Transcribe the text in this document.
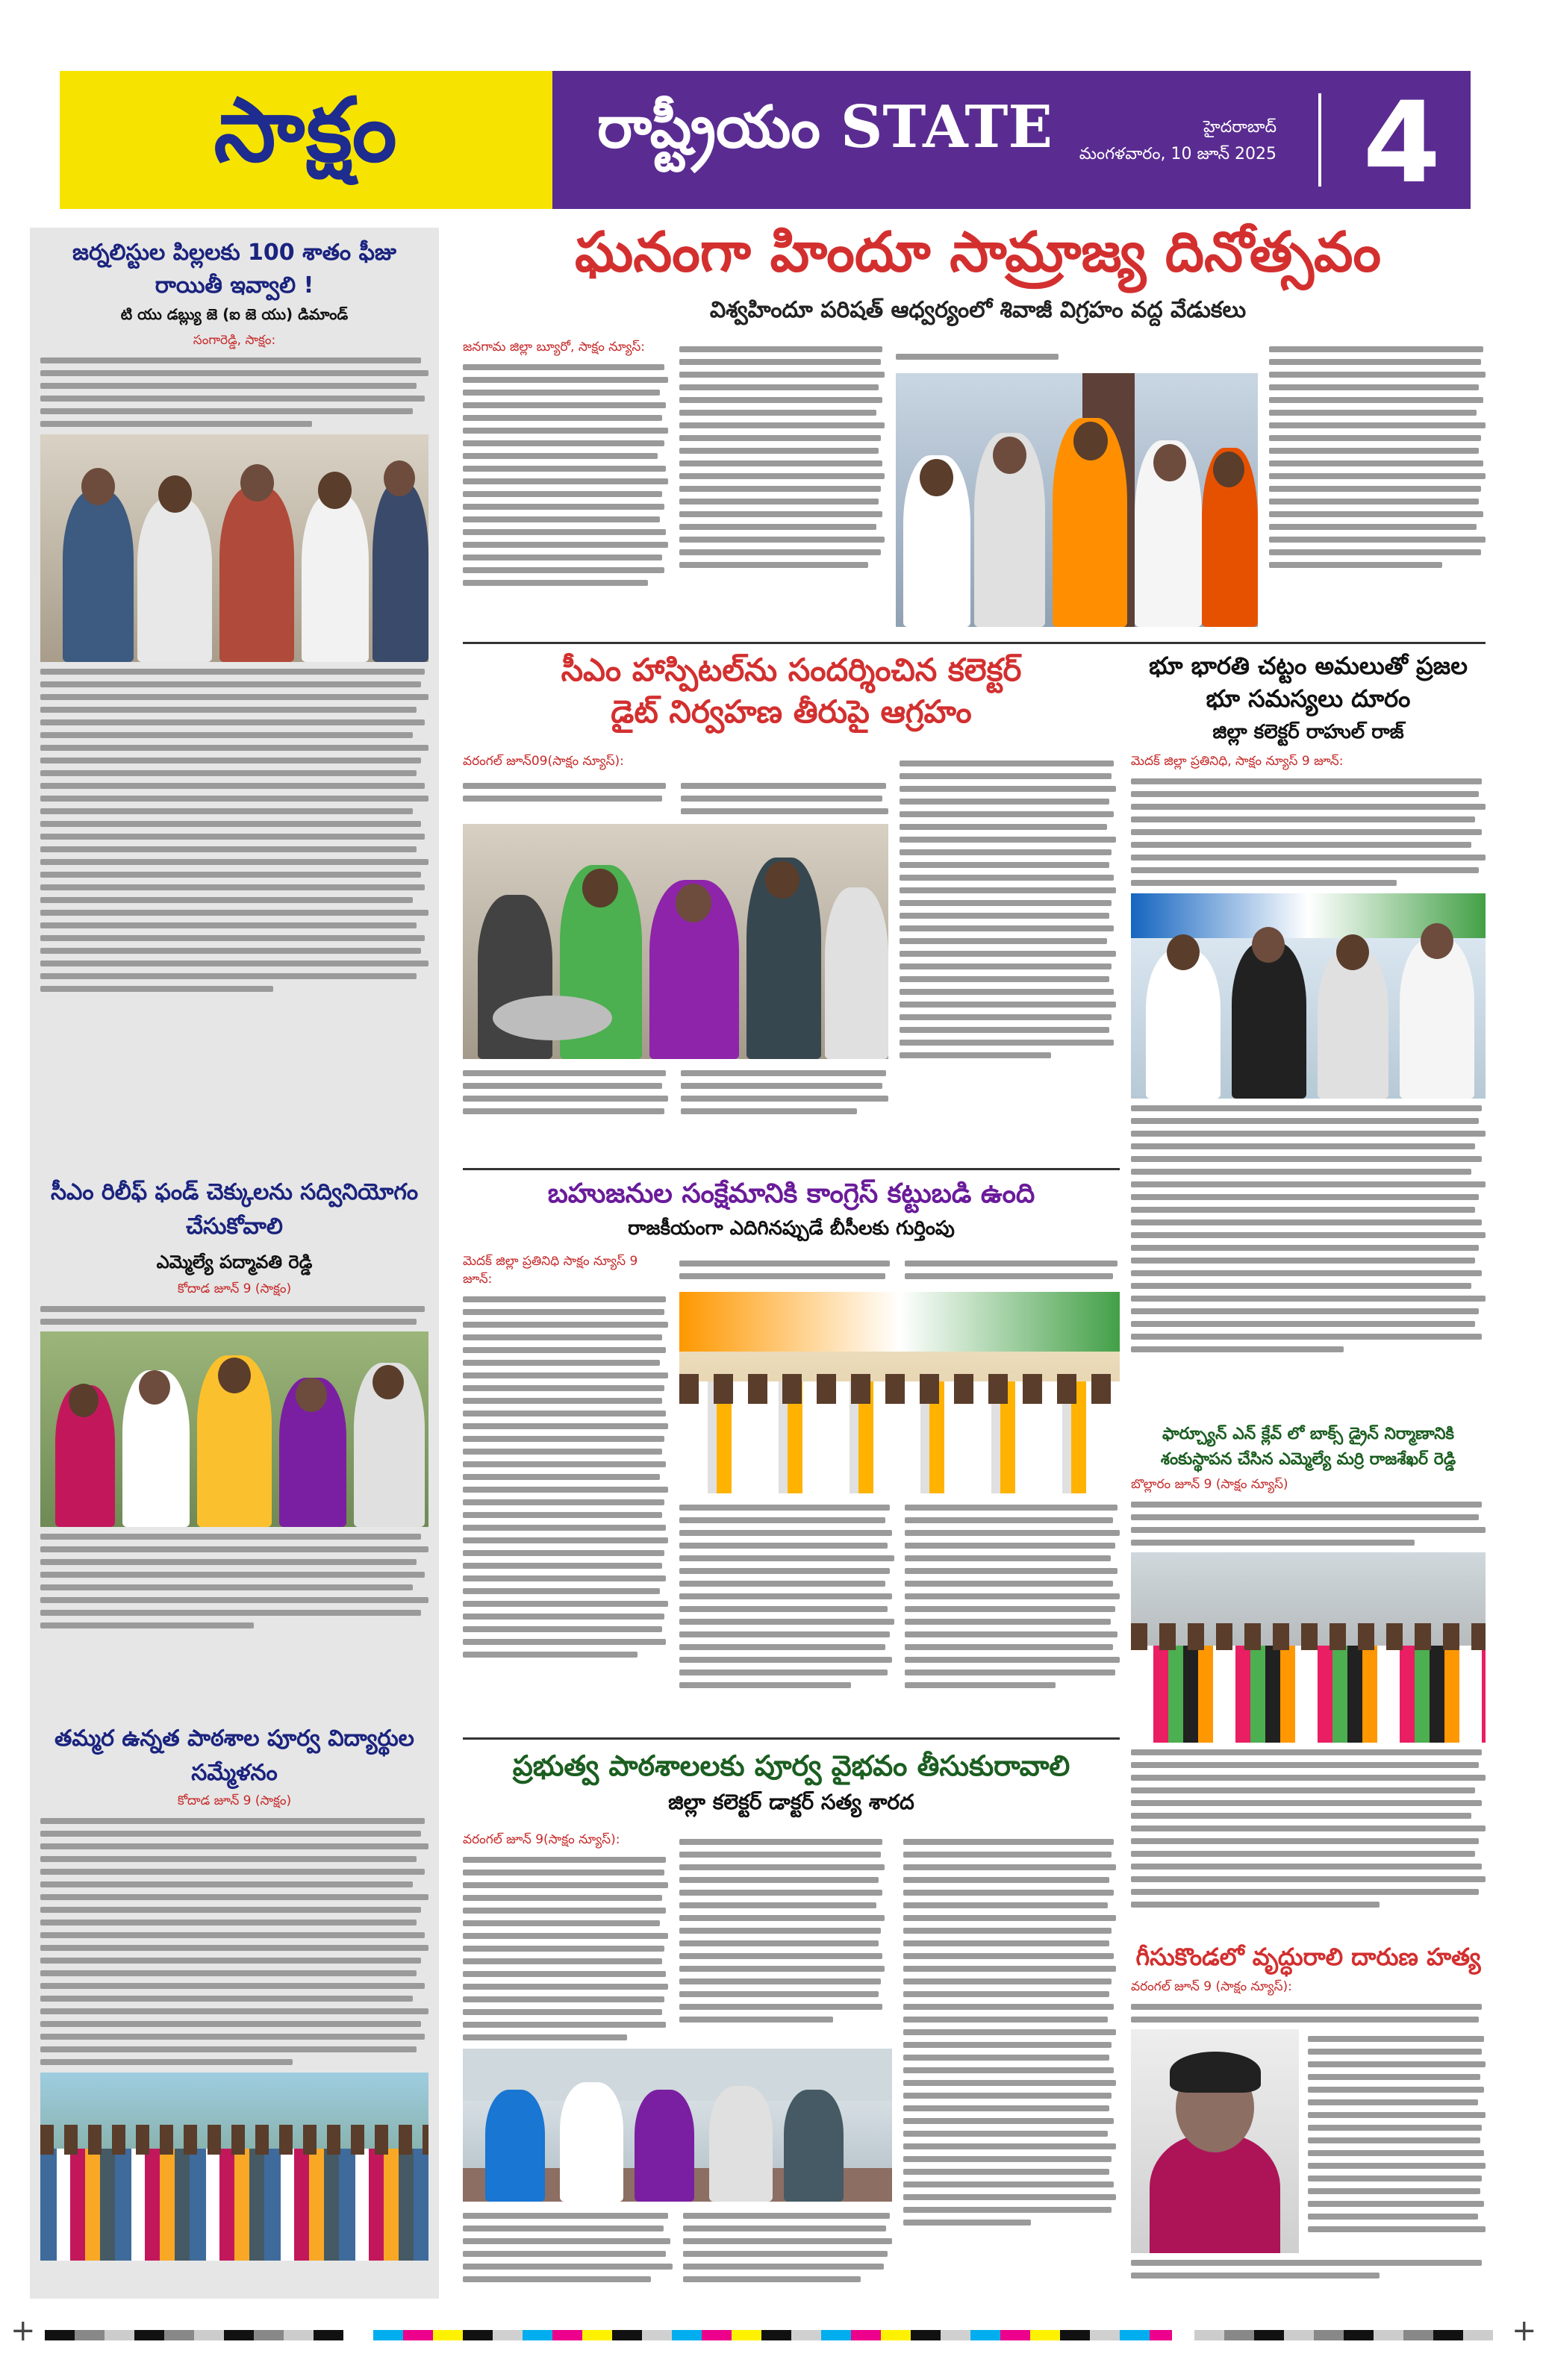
సాక్షం	రాష్ట్రీయం STATE	హైదరాబాద్
మంగళవారం, 10 జూన్ 2025 4
జర్నలిస్టుల పిల్లలకు 100 శాతం ఫీజు రాయితీ ఇవ్వాలి !
టి యు డబ్ల్యు జె (ఐ జె యు) డిమాండ్
సంగారెడ్డి, సాక్షం:
సీఎం రిలీఫ్ ఫండ్ చెక్కులను సద్వినియోగం చేసుకోవాలి
ఎమ్మెల్యే పద్మావతి రెడ్డి
కోదాడ జూన్ 9 (సాక్షం)
తమ్మర ఉన్నత పాఠశాల పూర్వ విద్యార్థుల సమ్మేళనం
కోదాడ జూన్ 9 (సాక్షం)
ఘనంగా హిందూ సామ్రాజ్య దినోత్సవం
విశ్వహిందూ పరిషత్ ఆధ్వర్యంలో శివాజీ విగ్రహం వద్ద వేడుకలు
జనగామ జిల్లా బ్యూరో, సాక్షం న్యూస్:
సీఎం హాస్పిటల్‌ను సందర్శించిన కలెక్టర్
డైట్ నిర్వహణ తీరుపై ఆగ్రహం
వరంగల్ జూన్09(సాక్షం న్యూస్):
భూ భారతి చట్టం అమలుతో ప్రజల భూ సమస్యలు దూరం
జిల్లా కలెక్టర్ రాహుల్ రాజ్
మెదక్ జిల్లా ప్రతినిధి, సాక్షం న్యూస్ 9 జూన్:
ఫార్చ్యూన్ ఎన్ క్లేవ్ లో బాక్స్ డ్రైన్ నిర్మాణానికి శంకుస్థాపన చేసిన ఎమ్మెల్యే మర్రి రాజశేఖర్ రెడ్డి
బొల్లారం జూన్ 9 (సాక్షం న్యూస్)
బహుజనుల సంక్షేమానికి కాంగ్రెస్ కట్టుబడి ఉంది
రాజకీయంగా ఎదిగినప్పుడే బీసీలకు గుర్తింపు
మెదక్ జిల్లా ప్రతినిధి సాక్షం న్యూస్ 9 జూన్:
ప్రభుత్వ పాఠశాలలకు పూర్వ వైభవం తీసుకురావాలి
జిల్లా కలెక్టర్ డాక్టర్ సత్య శారద
వరంగల్ జూన్ 9(సాక్షం న్యూస్):
గీసుకొండలో వృద్ధురాలి దారుణ హత్య
వరంగల్ జూన్ 9 (సాక్షం న్యూస్):
+	+
